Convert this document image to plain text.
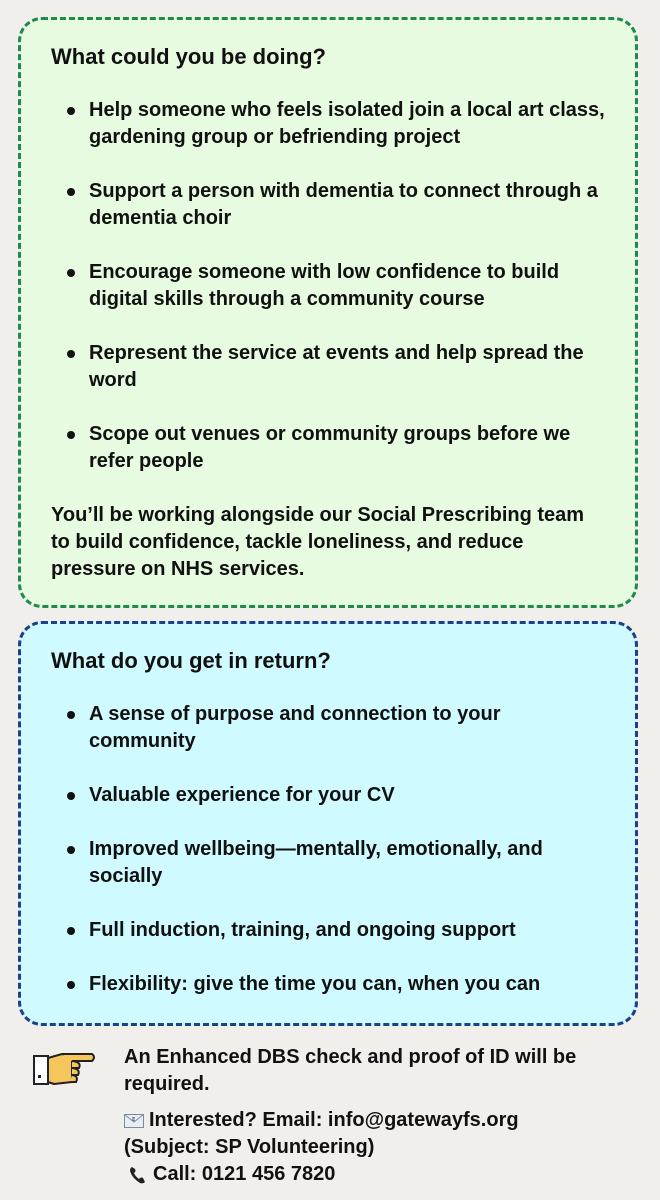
What could you be doing?
Help someone who feels isolated join a local art class, gardening group or befriending project
Support a person with dementia to connect through a dementia choir
Encourage someone with low confidence to build digital skills through a community course
Represent the service at events and help spread the word
Scope out venues or community groups before we refer people

You’ll be working alongside our Social Prescribing team to build confidence, tackle loneliness, and reduce pressure on NHS services.

What do you get in return?
A sense of purpose and connection to your community
Valuable experience for your CV
Improved wellbeing—mentally, emotionally, and socially
Full induction, training, and ongoing support
Flexibility: give the time you can, when you can

An Enhanced DBS check and proof of ID will be required.

E Interested? Email: info@gatewayfs.org

(Subject: SP Volunteering)

Call: 0121 456 7820
